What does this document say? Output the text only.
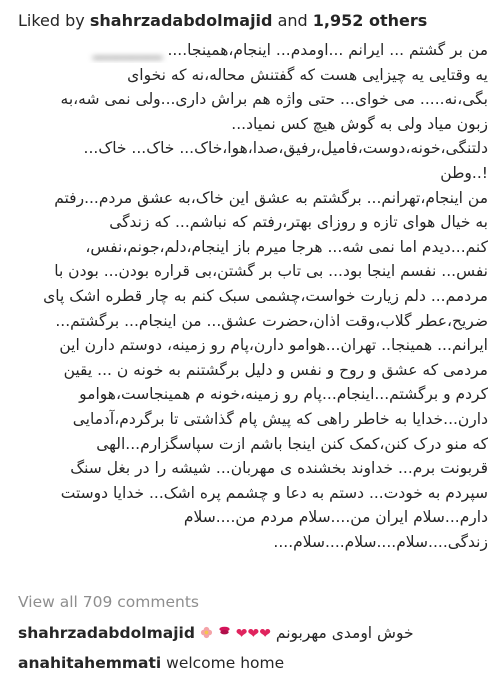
Liked by shahrzadabdolmajid and 1,952 others
من بر گشتم ... ایرانم ...اومدم... اینجام،همینجا.... _________
یه وقتایی یه چیزایی هست که گفتنش محاله،نه که نخوای
بگی،نه..... می خوای... حتی واژه هم براش داری...ولی نمی شه،به
زبون میاد ولی به گوش هیچ کس نمیاد...
دلتنگی،خونه،دوست،فامیل،رفیق،صدا،هوا،خاک... خاک... خاک...
!..وطن
من اینجام،تهرانم... برگشتم به عشق این خاک،به عشق مردم...رفتم
به خیال هوای تازه و روزای بهتر،رفتم که نباشم... که زندگی
کنم...دیدم اما نمی شه... هرجا میرم باز اینجام،دلم،جونم،نفس،
نفس... نفسم اینجا بود... بی تاب بر گشتن،بی قراره بودن... بودن با
مردمم... دلم زیارت خواست،چشمی سبک کنم به چار قطره اشک پای
ضریح،عطر گلاب،وقت اذان،حضرت عشق... من اینجام... برگشتم...
ایرانم... همینجا.. تهران...هوامو دارن،پام رو زمینه، دوستم دارن این
مردمی که عشق و روح و نفس و دلیل برگشتنم به خونه ن ... یقین
کردم و برگشتم...اینجام...پام رو زمینه،خونه م همینجاست،هوامو
دارن...خدایا به خاطر راهی که پیش پام گذاشتی تا برگردم،آدمایی
که منو درک کنن،کمک کنن اینجا باشم ازت سپاسگزارم...الهی
قربونت برم... خداوند بخشنده ی مهربان... شیشه را در بغل سنگ
سپردم به خودت... دستم به دعا و چشمم پره اشک... خدایا دوستت
دارم...سلام ایران من....سلام مردم من....سلام
زندگی....سلام....سلام....سلام....
View all 709 comments
shahrzadabdolmajid	❤❤❤ خوش اومدی مهربونم
anahitahemmati welcome home
